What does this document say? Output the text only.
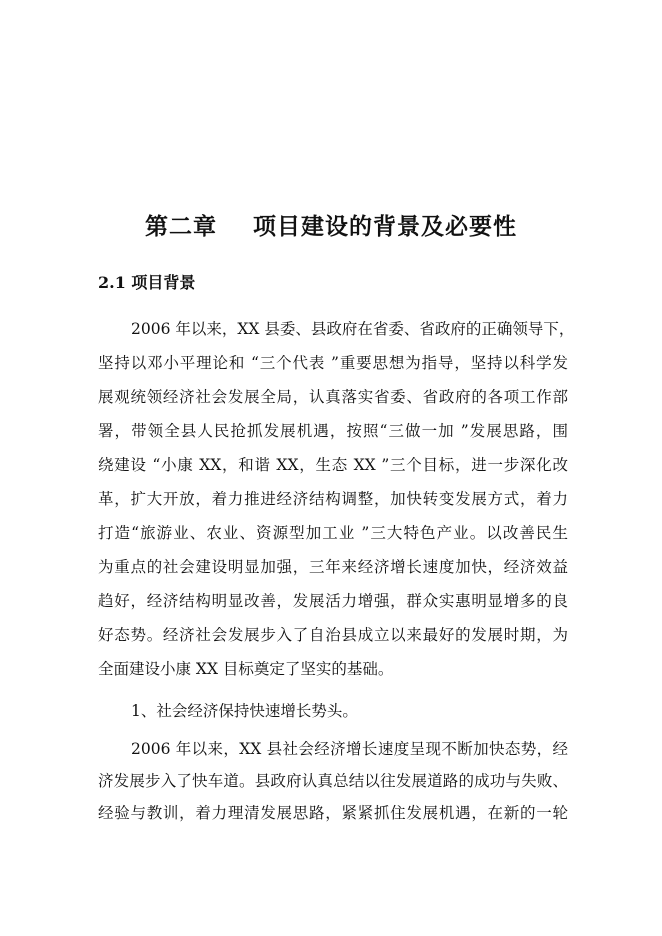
第二章    项目建设的背景及必要性
2.1 项目背景

2006 年以来，XX 县委、县政府在省委、省政府的正确领导下，

坚持以邓小平理论和 “三个代表 ”重要思想为指导，坚持以科学发

展观统领经济社会发展全局，认真落实省委、省政府的各项工作部

署，带领全县人民抢抓发展机遇，按照“三做一加 ”发展思路，围

绕建设 “小康 XX，和谐 XX，生态 XX ”三个目标，进一步深化改

革，扩大开放，着力推进经济结构调整，加快转变发展方式，着力

打造“旅游业、农业、资源型加工业 ”三大特色产业。以改善民生

为重点的社会建设明显加强，三年来经济增长速度加快，经济效益

趋好，经济结构明显改善，发展活力增强，群众实惠明显增多的良

好态势。经济社会发展步入了自治县成立以来最好的发展时期，为

全面建设小康 XX 目标奠定了坚实的基础。

1、社会经济保持快速增长势头。

2006 年以来，XX 县社会经济增长速度呈现不断加快态势，经

济发展步入了快车道。县政府认真总结以往发展道路的成功与失败、

经验与教训，着力理清发展思路，紧紧抓住发展机遇，在新的一轮
